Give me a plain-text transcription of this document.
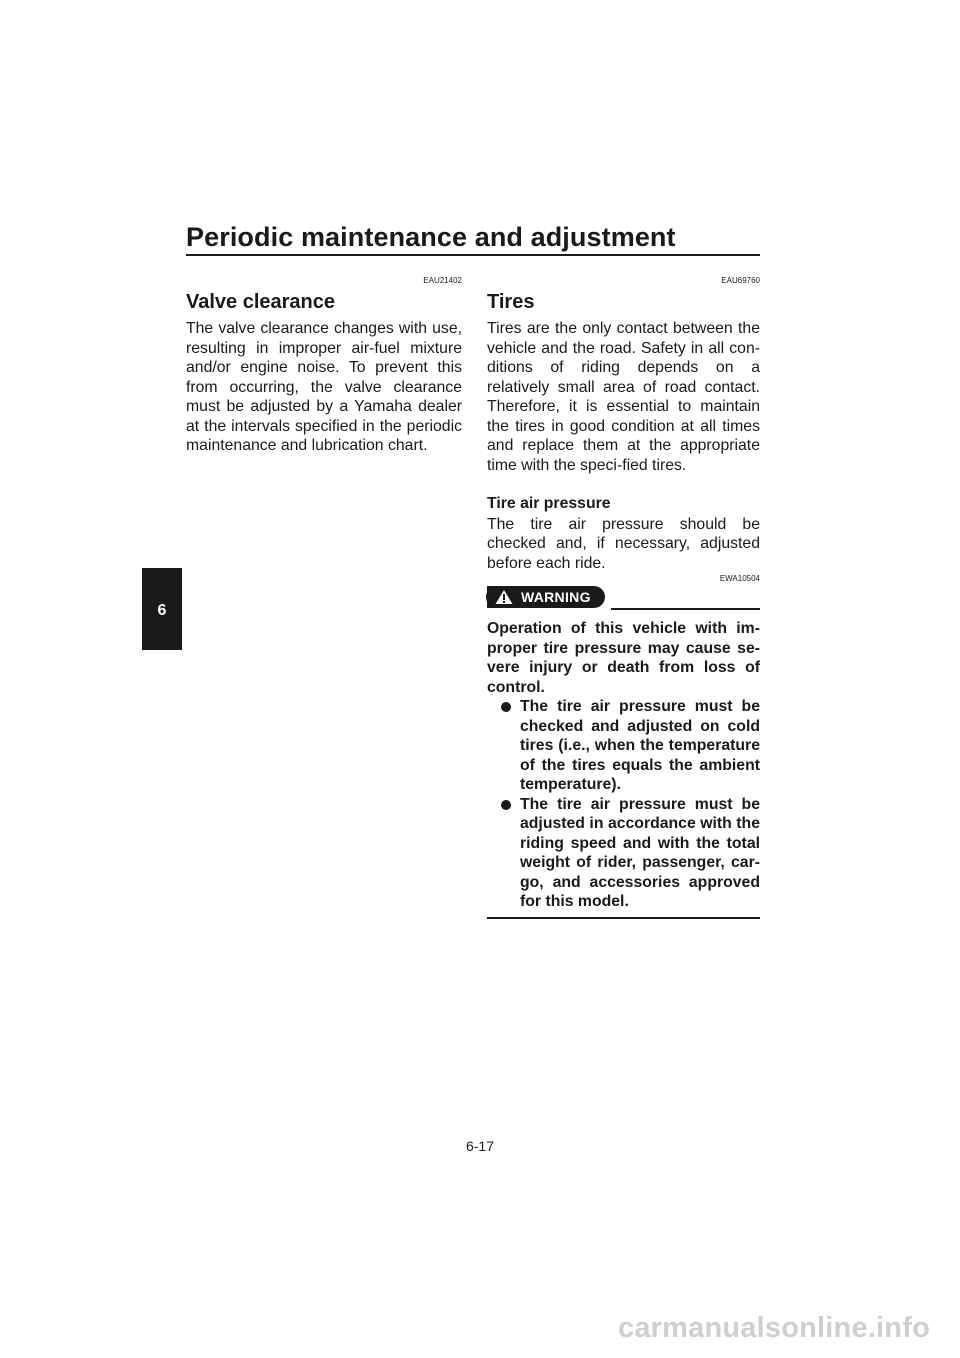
Periodic maintenance and adjustment
6
EAU21402
Valve clearance
The valve clearance changes with use, resulting in improper air-fuel mixture and/or engine noise. To prevent this from occurring, the valve clearance must be adjusted by a Yamaha dealer at the intervals specified in the periodic maintenance and lubrication chart.
EAU69760
Tires
Tires are the only contact between the vehicle and the road. Safety in all con-ditions of riding depends on a relatively small area of road contact. Therefore, it is essential to maintain the tires in good condition at all times and replace them at the appropriate time with the speci-fied tires.
Tire air pressure
The tire air pressure should be checked and, if necessary, adjusted before each ride.
EWA10504
WARNING
Operation of this vehicle with im-proper tire pressure may cause se-vere injury or death from loss of control.
The tire air pressure must be checked and adjusted on cold tires (i.e., when the temperature of the tires equals the ambient temperature).
The tire air pressure must be adjusted in accordance with the riding speed and with the total weight of rider, passenger, car-go, and accessories approved for this model.
6-17
carmanualsonline.info
